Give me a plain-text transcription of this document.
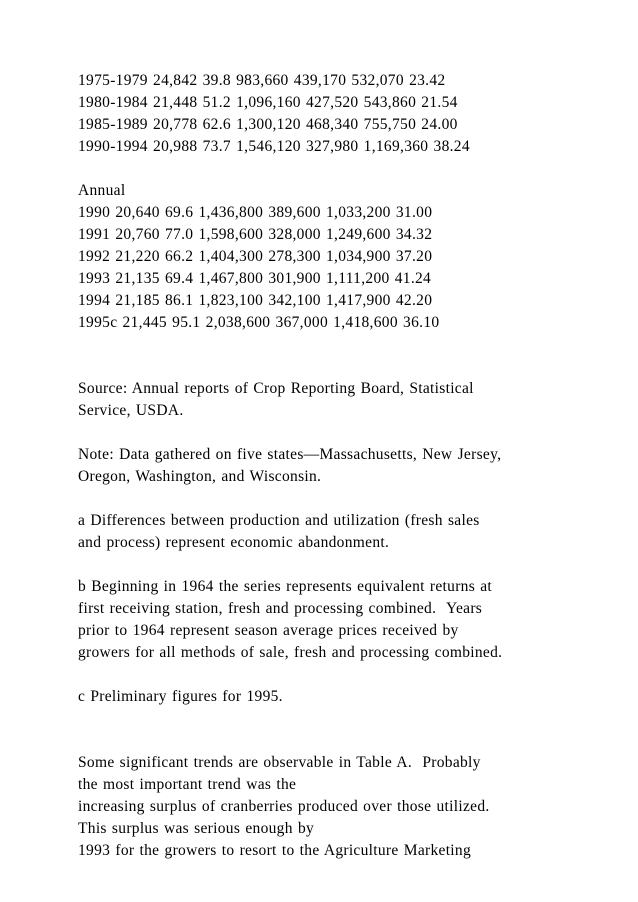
1975-1979 24,842 39.8 983,660 439,170 532,070 23.42
1980-1984 21,448 51.2 1,096,160 427,520 543,860 21.54
1985-1989 20,778 62.6 1,300,120 468,340 755,750 24.00
1990-1994 20,988 73.7 1,546,120 327,980 1,169,360 38.24
Annual
1990 20,640 69.6 1,436,800 389,600 1,033,200 31.00
1991 20,760 77.0 1,598,600 328,000 1,249,600 34.32
1992 21,220 66.2 1,404,300 278,300 1,034,900 37.20
1993 21,135 69.4 1,467,800 301,900 1,111,200 41.24
1994 21,185 86.1 1,823,100 342,100 1,417,900 42.20
1995c 21,445 95.1 2,038,600 367,000 1,418,600 36.10
Source: Annual reports of Crop Reporting Board, Statistical
Service, USDA.
Note: Data gathered on five states—Massachusetts, New Jersey,
Oregon, Washington, and Wisconsin.
a Differences between production and utilization (fresh sales
and process) represent economic abandonment.
b Beginning in 1964 the series represents equivalent returns at
first receiving station, fresh and processing combined.  Years
prior to 1964 represent season average prices received by
growers for all methods of sale, fresh and processing combined.
c Preliminary figures for 1995.
Some significant trends are observable in Table A.  Probably
the most important trend was the
increasing surplus of cranberries produced over those utilized.
This surplus was serious enough by
1993 for the growers to resort to the Agriculture Marketing
